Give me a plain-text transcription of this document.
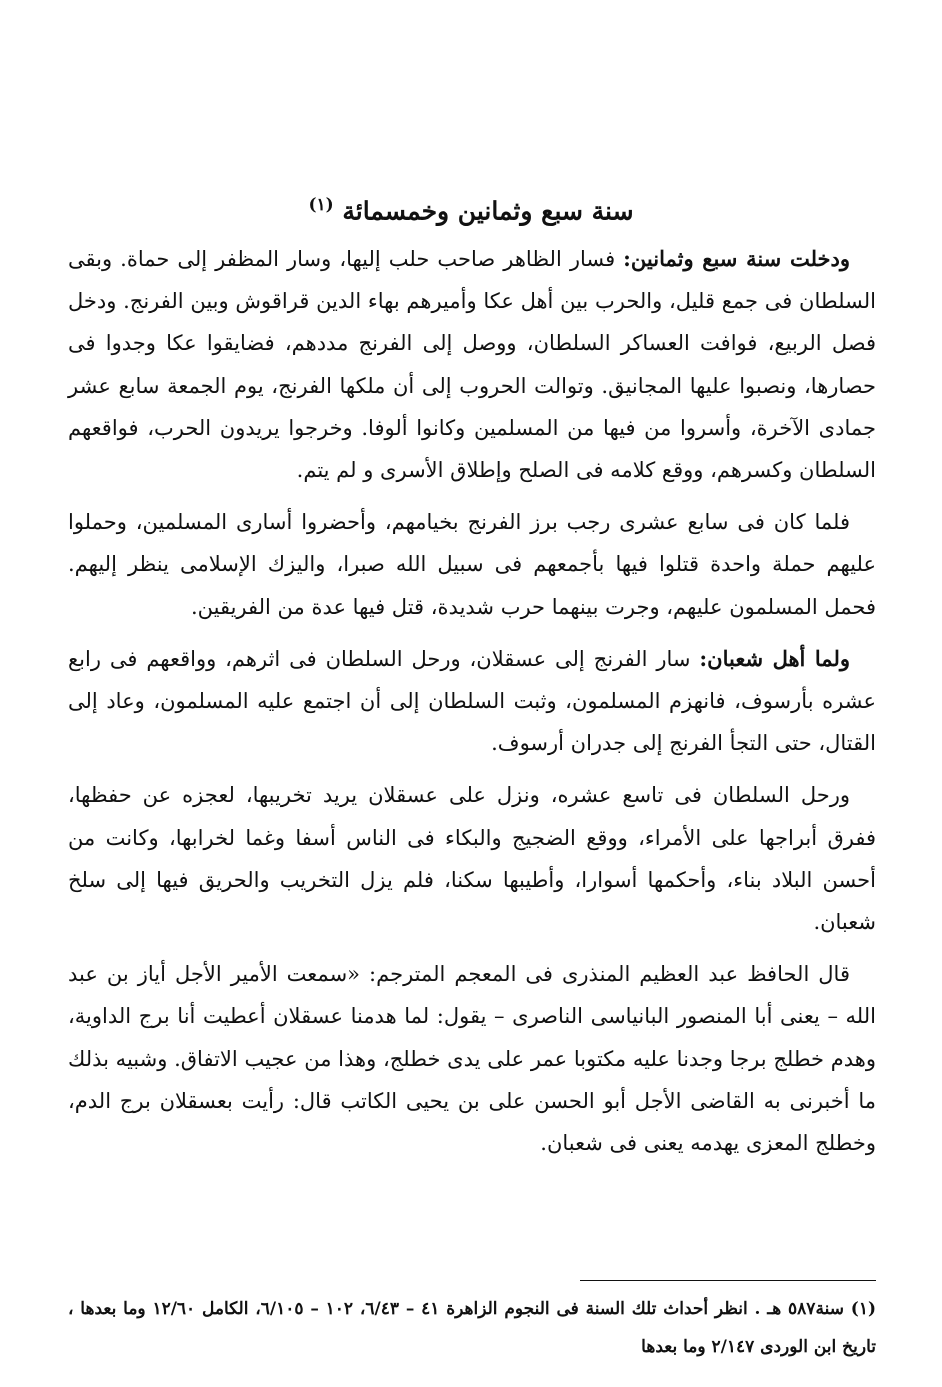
سنة سبع وثمانين وخمسمائة $^{(١)}$

ودخلت سنة سبع وثمانين: فسار الظاهر صاحب حلب إليها، وسار المظفر إلى حماة. وبقى السلطان فى جمع قليل، والحرب بين أهل عكا وأميرهم بهاء الدين قراقوش وبين الفرنج. ودخل فصل الربيع، فوافت العساكر السلطان، ووصل إلى الفرنج مددهم، فضايقوا عكا وجدوا فى حصارها، ونصبوا عليها المجانيق. وتوالت الحروب إلى أن ملكها الفرنج، يوم الجمعة سابع عشر جمادى الآخرة، وأسروا من فيها من المسلمين وكانوا ألوفا. وخرجوا يريدون الحرب، فواقعهم السلطان وكسرهم، ووقع كلامه فى الصلح وإطلاق الأسرى و لم يتم.

فلما كان فى سابع عشرى رجب برز الفرنج بخيامهم، وأحضروا أسارى المسلمين، وحملوا عليهم حملة واحدة قتلوا فيها بأجمعهم فى سبيل الله صبرا، واليزك الإسلامى ينظر إليهم. فحمل المسلمون عليهم، وجرت بينهما حرب شديدة، قتل فيها عدة من الفريقين.

ولما أهل شعبان: سار الفرنج إلى عسقلان، ورحل السلطان فى اثرهم، وواقعهم فى رابع عشره بأرسوف، فانهزم المسلمون، وثبت السلطان إلى أن اجتمع عليه المسلمون، وعاد إلى القتال، حتى التجأ الفرنج إلى جدران أرسوف.

ورحل السلطان فى تاسع عشره، ونزل على عسقلان يريد تخريبها، لعجزه عن حفظها، ففرق أبراجها على الأمراء، ووقع الضجيج والبكاء فى الناس أسفا وغما لخرابها، وكانت من أحسن البلاد بناء، وأحكمها أسوارا، وأطيبها سكنا، فلم يزل التخريب والحريق فيها إلى سلخ شعبان.

قال الحافظ عبد العظيم المنذرى فى المعجم المترجم: «سمعت الأمير الأجل أياز بن عبد الله – يعنى أبا المنصور البانياسى الناصرى – يقول: لما هدمنا عسقلان أعطيت أنا برج الداوية، وهدم خطلج برجا وجدنا عليه مكتوبا عمر على يدى خطلج، وهذا من عجيب الاتفاق. وشبيه بذلك ما أخبرنى به القاضى الأجل أبو الحسن على بن يحيى الكاتب قال: رأيت بعسقلان برج الدم، وخطلج المعزى يهدمه يعنى فى شعبان.

(١) سنة٥٨٧ هـ . انظر أحداث تلك السنة فى النجوم الزاهرة ٤١ – ٦/٤٣، ١٠٢ – ٦/١٠٥، الكامل ١٢/٦٠ وما بعدها ، تاريخ ابن الوردى ٢/١٤٧ وما بعدها
